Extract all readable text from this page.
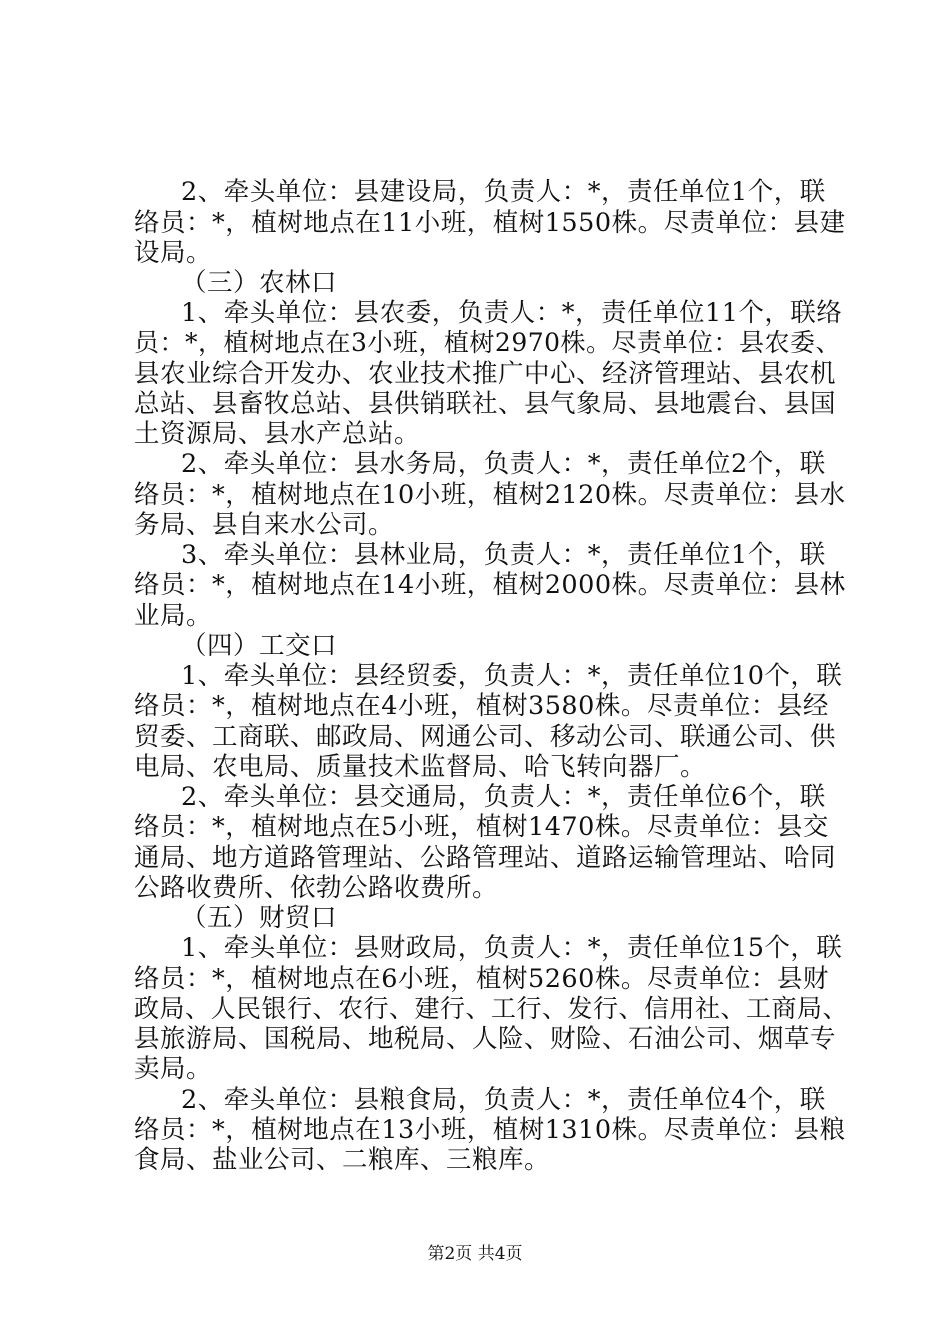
2、牵头单位：县建设局，负责人：*，责任单位1个，联

络员：*，植树地点在11小班，植树1550株。尽责单位：县建

设局。

（三）农林口

1、牵头单位：县农委，负责人：*，责任单位11个，联络

员：*，植树地点在3小班，植树2970株。尽责单位：县农委、

县农业综合开发办、农业技术推广中心、经济管理站、县农机

总站、县畜牧总站、县供销联社、县气象局、县地震台、县国

土资源局、县水产总站。

2、牵头单位：县水务局，负责人：*，责任单位2个，联

络员：*，植树地点在10小班，植树2120株。尽责单位：县水

务局、县自来水公司。

3、牵头单位：县林业局，负责人：*，责任单位1个，联

络员：*，植树地点在14小班，植树2000株。尽责单位：县林

业局。

（四）工交口

1、牵头单位：县经贸委，负责人：*，责任单位10个，联

络员：*，植树地点在4小班，植树3580株。尽责单位：县经

贸委、工商联、邮政局、网通公司、移动公司、联通公司、供

电局、农电局、质量技术监督局、哈飞转向器厂。

2、牵头单位：县交通局，负责人：*，责任单位6个，联

络员：*，植树地点在5小班，植树1470株。尽责单位：县交

通局、地方道路管理站、公路管理站、道路运输管理站、哈同

公路收费所、依勃公路收费所。

（五）财贸口

1、牵头单位：县财政局，负责人：*，责任单位15个，联

络员：*，植树地点在6小班，植树5260株。尽责单位：县财

政局、人民银行、农行、建行、工行、发行、信用社、工商局、

县旅游局、国税局、地税局、人险、财险、石油公司、烟草专

卖局。

2、牵头单位：县粮食局，负责人：*，责任单位4个，联

络员：*，植树地点在13小班，植树1310株。尽责单位：县粮

食局、盐业公司、二粮库、三粮库。

第2页 共4页
